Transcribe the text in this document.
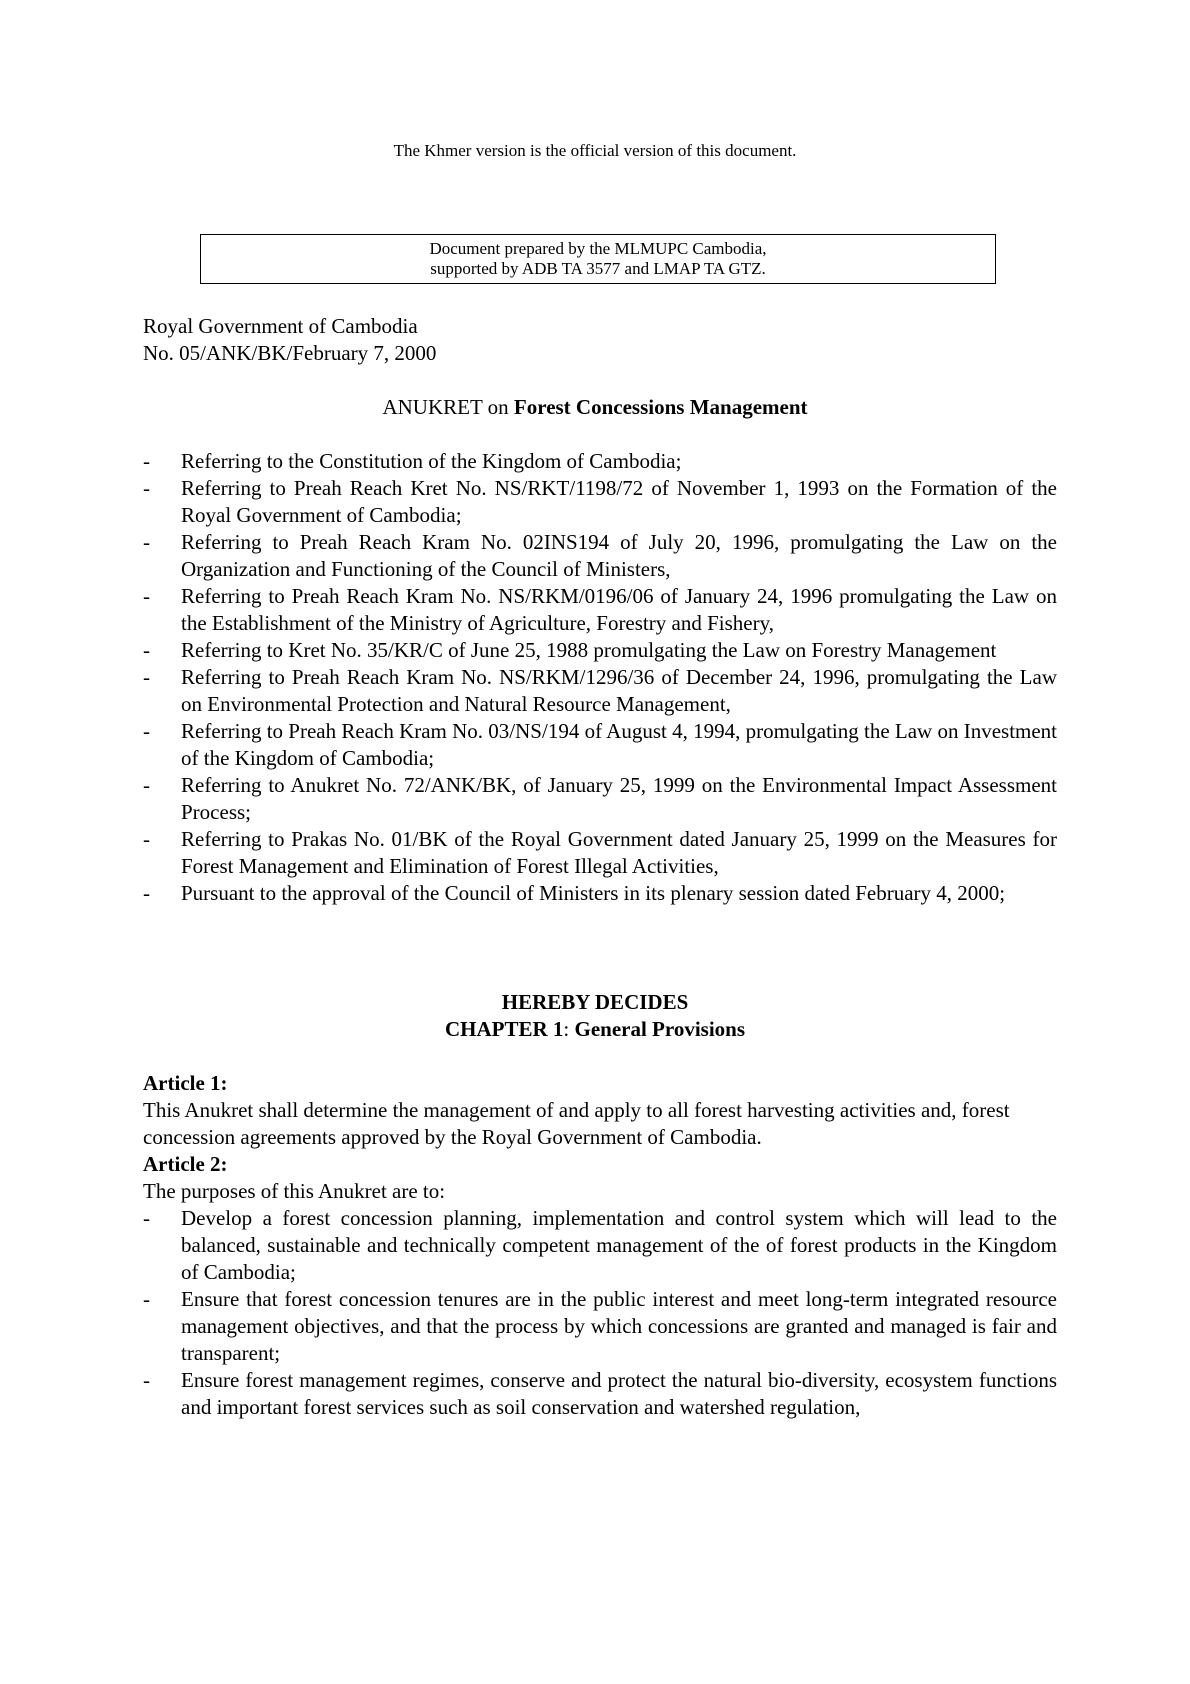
The Khmer version is the official version of this document.
Document prepared by the MLMUPC Cambodia,
supported by ADB TA 3577 and LMAP TA GTZ.
Royal Government of Cambodia
No. 05/ANK/BK/February 7, 2000
ANUKRET on Forest Concessions Management
- Referring to the Constitution of the Kingdom of Cambodia;
- Referring to Preah Reach Kret No. NS/RKT/1198/72 of November 1, 1993 on the Formation of the Royal Government of Cambodia;
- Referring to Preah Reach Kram No. 02INS194 of July 20, 1996, promulgating the Law on the Organization and Functioning of the Council of Ministers,
- Referring to Preah Reach Kram No. NS/RKM/0196/06 of January 24, 1996 promulgating the Law on the Establishment of the Ministry of Agriculture, Forestry and Fishery,
- Referring to Kret No. 35/KR/C of June 25, 1988 promulgating the Law on Forestry Management
- Referring to Preah Reach Kram No. NS/RKM/1296/36 of December 24, 1996, promulgating the Law on Environmental Protection and Natural Resource Management,
- Referring to Preah Reach Kram No. 03/NS/194 of August 4, 1994, promulgating the Law on Investment of the Kingdom of Cambodia;
- Referring to Anukret No. 72/ANK/BK, of January 25, 1999 on the Environmental Impact Assessment Process;
- Referring to Prakas No. 01/BK of the Royal Government dated January 25, 1999 on the Measures for Forest Management and Elimination of Forest Illegal Activities,
- Pursuant to the approval of the Council of Ministers in its plenary session dated February 4, 2000;
HEREBY DECIDES
CHAPTER 1: General Provisions
Article 1:
This Anukret shall determine the management of and apply to all forest harvesting activities and, forest concession agreements approved by the Royal Government of Cambodia.
Article 2:
The purposes of this Anukret are to:
- Develop a forest concession planning, implementation and control system which will lead to the balanced, sustainable and technically competent management of the of forest products in the Kingdom of Cambodia;
- Ensure that forest concession tenures are in the public interest and meet long-term integrated resource management objectives, and that the process by which concessions are granted and managed is fair and transparent;
- Ensure forest management regimes, conserve and protect the natural bio-diversity, ecosystem functions and important forest services such as soil conservation and watershed regulation,
